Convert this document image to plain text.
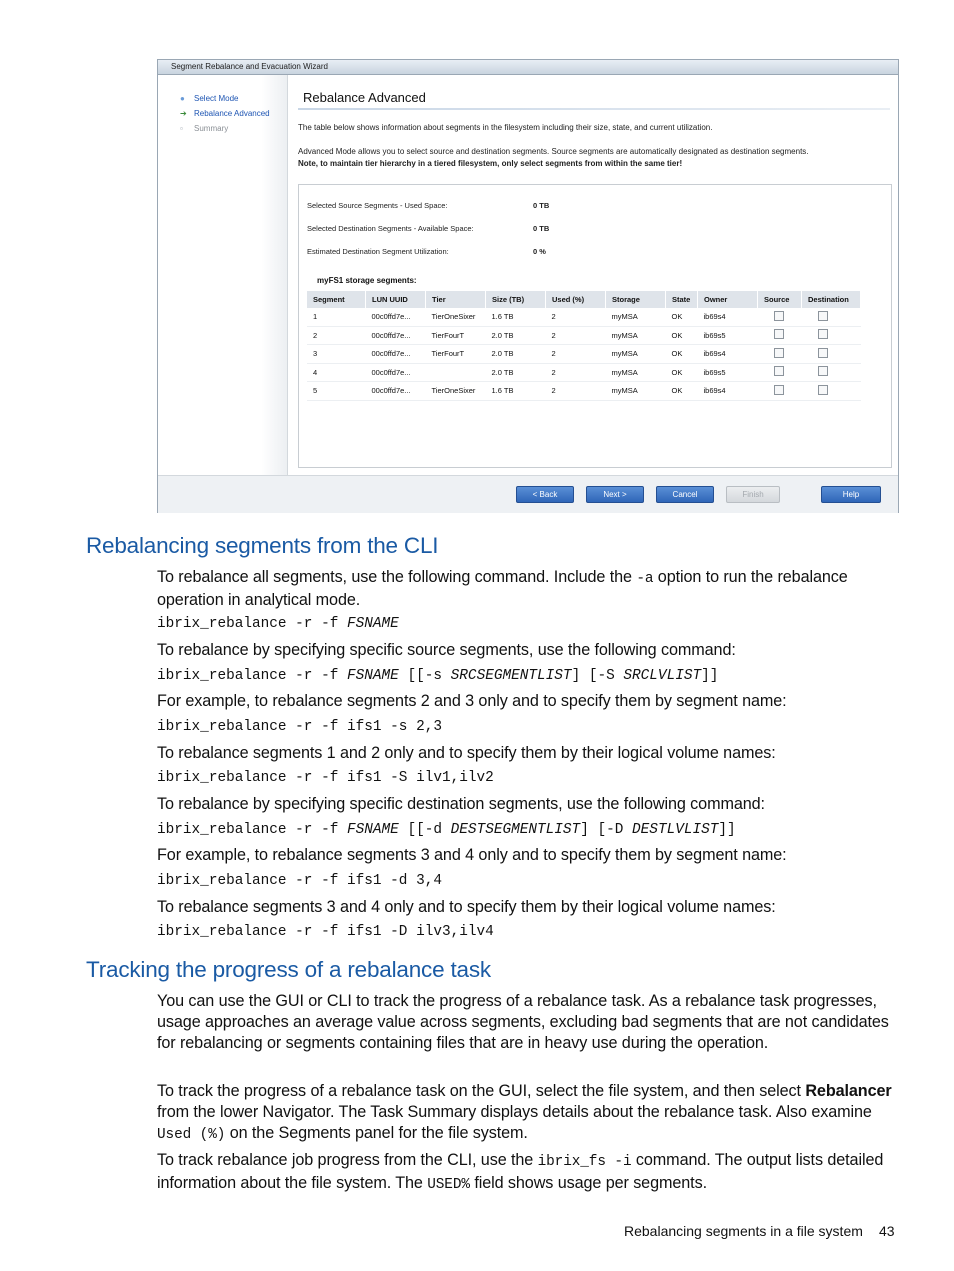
Segment Rebalance and Evacuation Wizard
● Select Mode
➔ Rebalance Advanced
▫ Summary
Rebalance Advanced
The table below shows information about segments in the filesystem including their size, state, and current utilization.
Advanced Mode allows you to select source and destination segments. Source segments are automatically designated as destination segments.
Note, to maintain tier hierarchy in a tiered filesystem, only select segments from within the same tier!
Selected Source Segments - Used Space:	0 TB
Selected Destination Segments - Available Space:	0 TB
Estimated Destination Segment Utilization:	0 %
myFS1 storage segments:
Segment	LUN UUID	Tier	Size (TB)	Used (%)	Storage	State	Owner	Source	Destination
1	00c0ffd7e...	TierOneSixer	1.6 TB	2	myMSA	OK	ib69s4		
2	00c0ffd7e...	TierFourT	2.0 TB	2	myMSA	OK	ib69s5		
3	00c0ffd7e...	TierFourT	2.0 TB	2	myMSA	OK	ib69s4		
4	00c0ffd7e...		2.0 TB	2	myMSA	OK	ib69s5		
5	00c0ffd7e...	TierOneSixer	1.6 TB	2	myMSA	OK	ib69s4		
< Back	Next >	Cancel	Finish	Help
Rebalancing segments from the CLI
To rebalance all segments, use the following command. Include the -a option to run the rebalance operation in analytical mode.
ibrix_rebalance -r -f FSNAME
To rebalance by specifying specific source segments, use the following command:
ibrix_rebalance -r -f FSNAME [[-s SRCSEGMENTLIST] [-S SRCLVLIST]]
For example, to rebalance segments 2 and 3 only and to specify them by segment name:
ibrix_rebalance -r -f ifs1 -s 2,3
To rebalance segments 1 and 2 only and to specify them by their logical volume names:
ibrix_rebalance -r -f ifs1 -S ilv1,ilv2
To rebalance by specifying specific destination segments, use the following command:
ibrix_rebalance -r -f FSNAME [[-d DESTSEGMENTLIST] [-D DESTLVLIST]]
For example, to rebalance segments 3 and 4 only and to specify them by segment name:
ibrix_rebalance -r -f ifs1 -d 3,4
To rebalance segments 3 and 4 only and to specify them by their logical volume names:
ibrix_rebalance -r -f ifs1 -D ilv3,ilv4
Tracking the progress of a rebalance task
You can use the GUI or CLI to track the progress of a rebalance task. As a rebalance task progresses, usage approaches an average value across segments, excluding bad segments that are not candidates for rebalancing or segments containing files that are in heavy use during the operation.
To track the progress of a rebalance task on the GUI, select the file system, and then select Rebalancer from the lower Navigator. The Task Summary displays details about the rebalance task. Also examine Used (%) on the Segments panel for the file system.
To track rebalance job progress from the CLI, use the ibrix_fs -i command. The output lists detailed information about the file system. The USED% field shows usage per segments.
Rebalancing segments in a file system 43
